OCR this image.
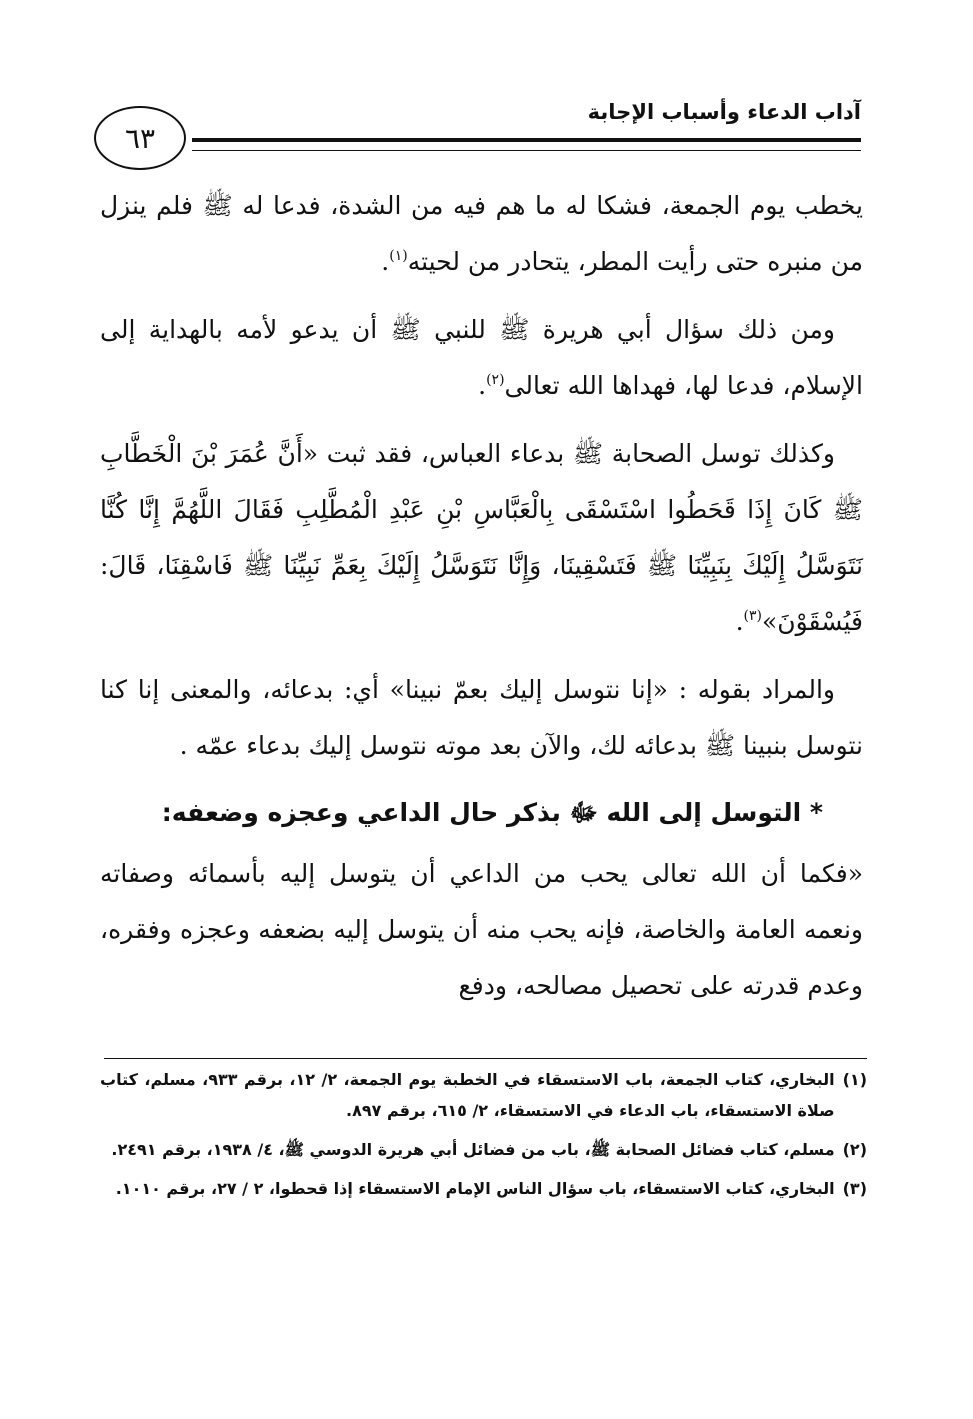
آداب الدعاء وأسباب الإجابة
٦٣

يخطب يوم الجمعة، فشكا له ما هم فيه من الشدة، فدعا له ﷺ فلم ينزل من منبره حتى رأيت المطر، يتحادر من لحيته$^{(١)}$.

ومن ذلك سؤال أبي هريرة ﷺ للنبي ﷺ أن يدعو لأمه بالهداية إلى الإسلام، فدعا لها، فهداها الله تعالى$^{(٢)}$.

وكذلك توسل الصحابة ﷺ بدعاء العباس، فقد ثبت «أَنَّ عُمَرَ بْنَ الْخَطَّابِ ﷺ كَانَ إِذَا قَحَطُوا اسْتَسْقَى بِالْعَبَّاسِ بْنِ عَبْدِ الْمُطَّلِبِ فَقَالَ اللَّهُمَّ إِنَّا كُنَّا نَتَوَسَّلُ إِلَيْكَ بِنَبِيِّنَا ﷺ فَتَسْقِينَا، وَإِنَّا نَتَوَسَّلُ إِلَيْكَ بِعَمِّ نَبِيِّنَا ﷺ فَاسْقِنَا، قَالَ: فَيُسْقَوْنَ»$^{(٣)}$.

والمراد بقوله : «إنا نتوسل إليك بعمّ نبينا» أي: بدعائه، والمعنى إنا كنا نتوسل بنبينا ﷺ بدعائه لك، والآن بعد موته نتوسل إليك بدعاء عمّه .

* التوسل إلى الله ﷻ بذكر حال الداعي وعجزه وضعفه:

«فكما أن الله تعالى يحب من الداعي أن يتوسل إليه بأسمائه وصفاته ونعمه العامة والخاصة، فإنه يحب منه أن يتوسل إليه بضعفه وعجزه وفقره، وعدم قدرته على تحصيل مصالحه، ودفع

(١)
البخاري، كتاب الجمعة، باب الاستسقاء في الخطبة يوم الجمعة، ٢/ ١٢، برقم ٩٣٣، مسلم، كتاب صلاة الاستسقاء، باب الدعاء في الاستسقاء، ٢/ ٦١٥، برقم ٨٩٧.
(٢)
مسلم، كتاب فضائل الصحابة ﷺ، باب من فضائل أبي هريرة الدوسي ﷺ، ٤/ ١٩٣٨، برقم ٢٤٩١.
(٣)
البخاري، كتاب الاستسقاء، باب سؤال الناس الإمام الاستسقاء إذا قحطوا، ٢ / ٢٧، برقم ١٠١٠.
